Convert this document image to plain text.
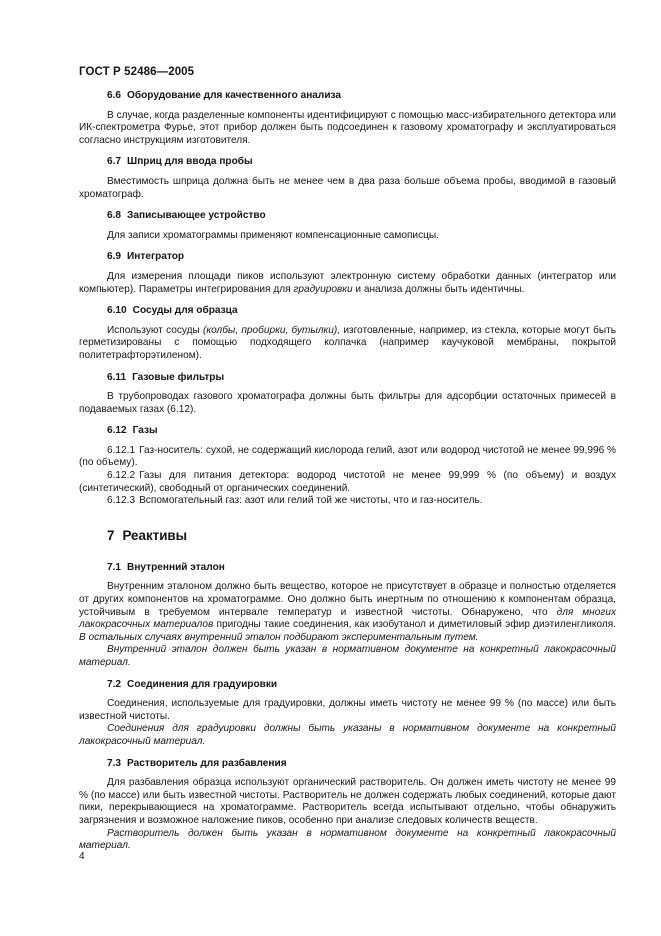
ГОСТ Р 52486—2005

6.6 Оборудование для качественного анализа

В случае, когда разделенные компоненты идентифицируют с помощью масс-избирательного детектора или ИК-спектрометра Фурье, этот прибор должен быть подсоединен к газовому хроматографу и эксплуатироваться согласно инструкциям изготовителя.

6.7 Шприц для ввода пробы

Вместимость шприца должна быть не менее чем в два раза больше объема пробы, вводимой в газовый хроматограф.

6.8 Записывающее устройство

Для записи хроматограммы применяют компенсационные самописцы.

6.9 Интегратор

Для измерения площади пиков используют электронную систему обработки данных (интегратор или компьютер). Параметры интегрирования для градуировки и анализа должны быть идентичны.

6.10 Сосуды для образца

Используют сосуды (колбы, пробирки, бутылки), изготовленные, например, из стекла, которые могут быть герметизированы с помощью подходящего колпачка (например каучуковой мембраны, покрытой политетрафторэтиленом).

6.11 Газовые фильтры

В трубопроводах газового хроматографа должны быть фильтры для адсорбции остаточных примесей в подаваемых газах (6.12).

6.12 Газы

6.12.1 Газ-носитель: сухой, не содержащий кислорода гелий, азот или водород чистотой не менее 99,996 % (по объему).

6.12.2 Газы для питания детектора: водород чистотой не менее 99,999 % (по объему) и воздух (синтетический), свободный от органических соединений.

6.12.3 Вспомогательный газ: азот или гелий той же чистоты, что и газ-носитель.

7 Реактивы

7.1 Внутренний эталон

Внутренним эталоном должно быть вещество, которое не присутствует в образце и полностью отделяется от других компонентов на хроматограмме. Оно должно быть инертным по отношению к компонентам образца, устойчивым в требуемом интервале температур и известной чистоты. Обнаружено, что для многих лакокрасочных материалов пригодны такие соединения, как изобутанол и диметиловый эфир диэтиленгликоля. В остальных случаях внутренний эталон подбирают экспериментальным путем.

Внутренний эталон должен быть указан в нормативном документе на конкретный лакокрасочный материал.

7.2 Соединения для градуировки

Соединения, используемые для градуировки, должны иметь чистоту не менее 99 % (по массе) или быть известной чистоты.

Соединения для градуировки должны быть указаны в нормативном документе на конкретный лакокрасочный материал.

7.3 Растворитель для разбавления

Для разбавления образца используют органический растворитель. Он должен иметь чистоту не менее 99 % (по массе) или быть известной чистоты. Растворитель не должен содержать любых соединений, которые дают пики, перекрывающиеся на хроматограмме. Растворитель всегда испытывают отдельно, чтобы обнаружить загрязнения и возможное наложение пиков, особенно при анализе следовых количеств веществ.

Растворитель должен быть указан в нормативном документе на конкретный лакокрасочный материал.

4
